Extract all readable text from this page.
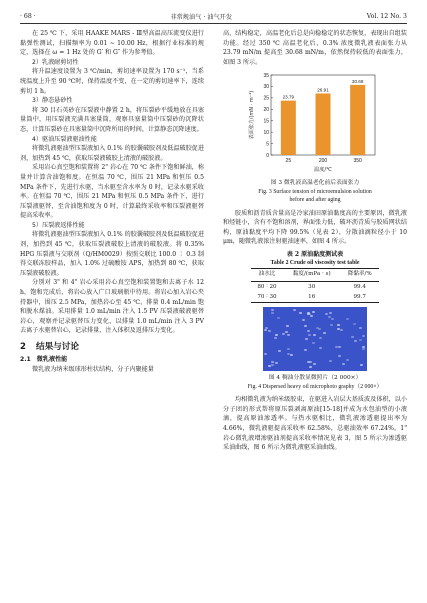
· 68 ·	非常规油气 · 油气开发	Vol. 12 No. 3

在 25 ℃ 下，采用 HAAKE MARS - Ⅲ型高温高压流变仪进行黏弹性测试，扫描频率为 0.01 ~ 10.00 Hz，根据行业标准的规定，选择在 ω = 1 Hz 处的 G′ 和 G″ 作为参考值。

2）乳液耐剪切性

将升温速度设置为 3 ℃/min，剪切速率设置为 170 s⁻¹，当系统温度上升至 90 ℃时，保持温度不变，在一定的剪切速率下，连续剪切 1 h。

3）静态悬砂性

将 30 目石英砂在压裂液中静置 2 h，将压裂砂平缓地放在具塞量筒中，用压裂液充满具塞量筒，观察具塞量筒中压裂砂的沉降状态，计算压裂砂在具塞量筒中沉降所用的时间，计算静态沉降速度。

4）驱油压裂液驱油性能

将微乳液驱油型压裂液加入 0.1% 的胶囊破胶剂及低温破胶促进剂，加热到 45 ℃，获取压裂液破胶上清液的破胶液。

采用岩心真空饱和装置将 2" 岩心在 70 ℃ 条件下饱和鲜油，称量并计算含油饱和度。在恒温 70 ℃，围压 21 MPa 和恒压 0.5 MPa 条件下，先进行水驱，当水驱至含水率为 0 时，记录水驱采收率。在恒温 70 ℃，围压 21 MPa 和恒压 0.5 MPa 条件下，进行压裂液驱替，至含油饱和度为 0 时，计算最终采收率和压裂液驱替提高采收率。

5）压裂液返排性能

将微乳液驱油型压裂液加入 0.1% 的胶囊破胶剂及低温破胶促进剂，加热到 45 ℃，获取压裂液破胶上清液的破胶液。将 0.35% HPG 压裂液与交联剂（Q/HM0029）按照交联比 100.0 ∶ 0.3 制得交联冻胶样品，加入 1.0% 过硫酸铵 APS，加热到 80 ℃，获取压裂液破胶液。

分别对 3" 和 4" 岩心采用岩心真空饱和装置饱和去离子水 12 h，饱和完成后，将岩心放入广口玻璃瓶中待用。将岩心加入岩心夹持器中，围压 2.5 MPa，加热岩心至 45 ℃，排量 0.4 mL/min 饱和脱水煤油。采用排量 1.0 mL/min 注入 1.5 PV 压裂液破液驱替岩心，观察并记录驱替压力变化，以排量 1.0 mL/min 注入 3 PV 去离子水驱替岩心，记录排量，注入体积及返排压力变化。

2 结果与讨论
2.1 微乳液性能

微乳液为纳米级球形柱状结构，分子内聚能量

高，结构稳定，高温老化后总是向稳稳定的状态恢复，表现出自组装功能。经过 350 ℃ 高温老化后，0.3% 浓度微乳液表面张力从 23.79 mN/m 提高至 30.68 mN/m，依然保持较低的表面张力，如图 3 所示。

0
5
10
15
20
25
30
35
23.79
25
26.91
200
30.68
350
温度/℃
表面张力/(mN · m⁻¹)
图 3 微乳液高温老化前后表面张力
Fig. 3 Surface tension of microemulsion solution
before and after aging

胶质和沥青质含量高是冷家油田原油黏度高的主要原因，微乳液和烃链小，含有不饱和溶剂，界面张力低，破坏沥青质与胶质网状结构，原油黏度平均下降 99.5%（见表 2），分散油滴粒径小于 10 μm，随微乳液浓注射驱油速率，如图 4 所示。

表 2 原油黏度测试表
Table 2 Crude oil viscosity test table
油水比	黏度/(mPa · s)	降黏率/%
80 ∶ 20	30	99.4
70 ∶ 30	16	99.7
图 4 稠油分散显微照片（2 000×）
Fig. 4 Dispersed heavy oil microphoto graphy（2 000×）

均相微乳液为纳米级胶束，在驱进入岩层大基质波及体积，以小分子团的形式帮将原压裂剥离原油[15-18]并成为水包油型的小液滴，提高原油渗透率。与热水驱相比，微乳液渗透驱提出率为 4.66%，微乳液驱提高采收率 62.58%，总驱油效率 67.24%。1" 岩心微乳液增渗驱油剂提高采收率情况见表 3，图 5 所示为渗透驱采油曲线，图 6 所示为微乳液驱采油曲线。
